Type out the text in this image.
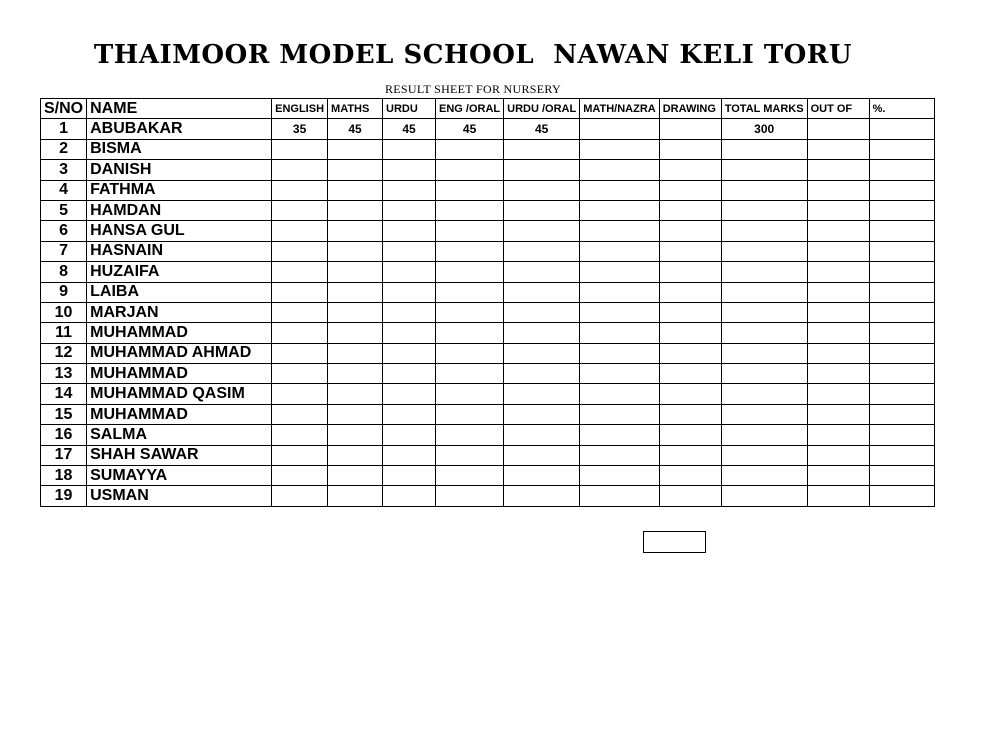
THAIMOOR MODEL SCHOOL  NAWAN KELI TORU
RESULT SHEET FOR NURSERY
S/NO	NAME	ENGLISH	MATHS	URDU	ENG /ORAL	URDU /ORAL	MATH/NAZRA	DRAWING	TOTAL MARKS	OUT OF	%.
1	ABUBAKAR	35	45	45	45	45			300		
2	BISMA										
3	DANISH										
4	FATHMA										
5	HAMDAN										
6	HANSA GUL										
7	HASNAIN										
8	HUZAIFA										
9	LAIBA										
10	MARJAN										
11	MUHAMMAD										
12	MUHAMMAD AHMAD										
13	MUHAMMAD										
14	MUHAMMAD QASIM										
15	MUHAMMAD										
16	SALMA										
17	SHAH SAWAR										
18	SUMAYYA										
19	USMAN										
